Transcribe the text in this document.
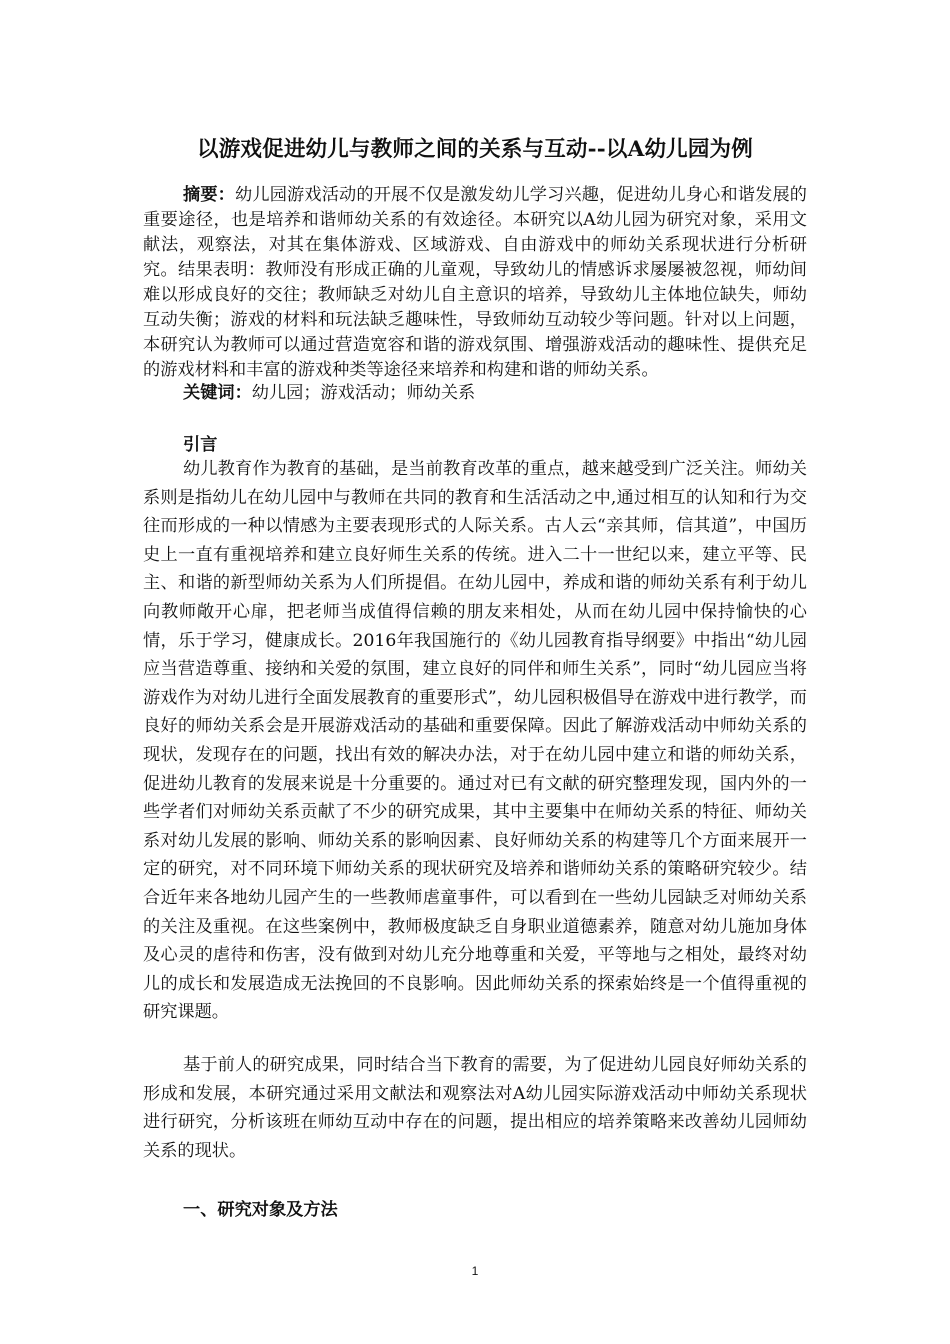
以游戏促进幼儿与教师之间的关系与互动--以A幼儿园为例

摘要：幼儿园游戏活动的开展不仅是激发幼儿学习兴趣，促进幼儿身心和谐发展的重要途径，也是培养和谐师幼关系的有效途径。本研究以A幼儿园为研究对象，采用文献法，观察法，对其在集体游戏、区域游戏、自由游戏中的师幼关系现状进行分析研究。结果表明：教师没有形成正确的儿童观，导致幼儿的情感诉求屡屡被忽视，师幼间难以形成良好的交往；教师缺乏对幼儿自主意识的培养，导致幼儿主体地位缺失，师幼互动失衡；游戏的材料和玩法缺乏趣味性，导致师幼互动较少等问题。针对以上问题，本研究认为教师可以通过营造宽容和谐的游戏氛围、增强游戏活动的趣味性、提供充足的游戏材料和丰富的游戏种类等途径来培养和构建和谐的师幼关系。

关键词：幼儿园；游戏活动；师幼关系

引言

幼儿教育作为教育的基础，是当前教育改革的重点，越来越受到广泛关注。师幼关系则是指幼儿在幼儿园中与教师在共同的教育和生活活动之中,通过相互的认知和行为交往而形成的一种以情感为主要表现形式的人际关系。古人云“亲其师，信其道”，中国历史上一直有重视培养和建立良好师生关系的传统。进入二十一世纪以来，建立平等、民主、和谐的新型师幼关系为人们所提倡。在幼儿园中，养成和谐的师幼关系有利于幼儿向教师敞开心扉，把老师当成值得信赖的朋友来相处，从而在幼儿园中保持愉快的心情，乐于学习，健康成长。2016年我国施行的《幼儿园教育指导纲要》中指出“幼儿园应当营造尊重、接纳和关爱的氛围，建立良好的同伴和师生关系”，同时“幼儿园应当将游戏作为对幼儿进行全面发展教育的重要形式”，幼儿园积极倡导在游戏中进行教学，而良好的师幼关系会是开展游戏活动的基础和重要保障。因此了解游戏活动中师幼关系的现状，发现存在的问题，找出有效的解决办法，对于在幼儿园中建立和谐的师幼关系，促进幼儿教育的发展来说是十分重要的。通过对已有文献的研究整理发现，国内外的一些学者们对师幼关系贡献了不少的研究成果，其中主要集中在师幼关系的特征、师幼关系对幼儿发展的影响、师幼关系的影响因素、良好师幼关系的构建等几个方面来展开一定的研究，对不同环境下师幼关系的现状研究及培养和谐师幼关系的策略研究较少。结合近年来各地幼儿园产生的一些教师虐童事件，可以看到在一些幼儿园缺乏对师幼关系的关注及重视。在这些案例中，教师极度缺乏自身职业道德素养，随意对幼儿施加身体及心灵的虐待和伤害，没有做到对幼儿充分地尊重和关爱，平等地与之相处，最终对幼儿的成长和发展造成无法挽回的不良影响。因此师幼关系的探索始终是一个值得重视的研究课题。

基于前人的研究成果，同时结合当下教育的需要，为了促进幼儿园良好师幼关系的形成和发展，本研究通过采用文献法和观察法对A幼儿园实际游戏活动中师幼关系现状进行研究，分析该班在师幼互动中存在的问题，提出相应的培养策略来改善幼儿园师幼关系的现状。

一、研究对象及方法
1
